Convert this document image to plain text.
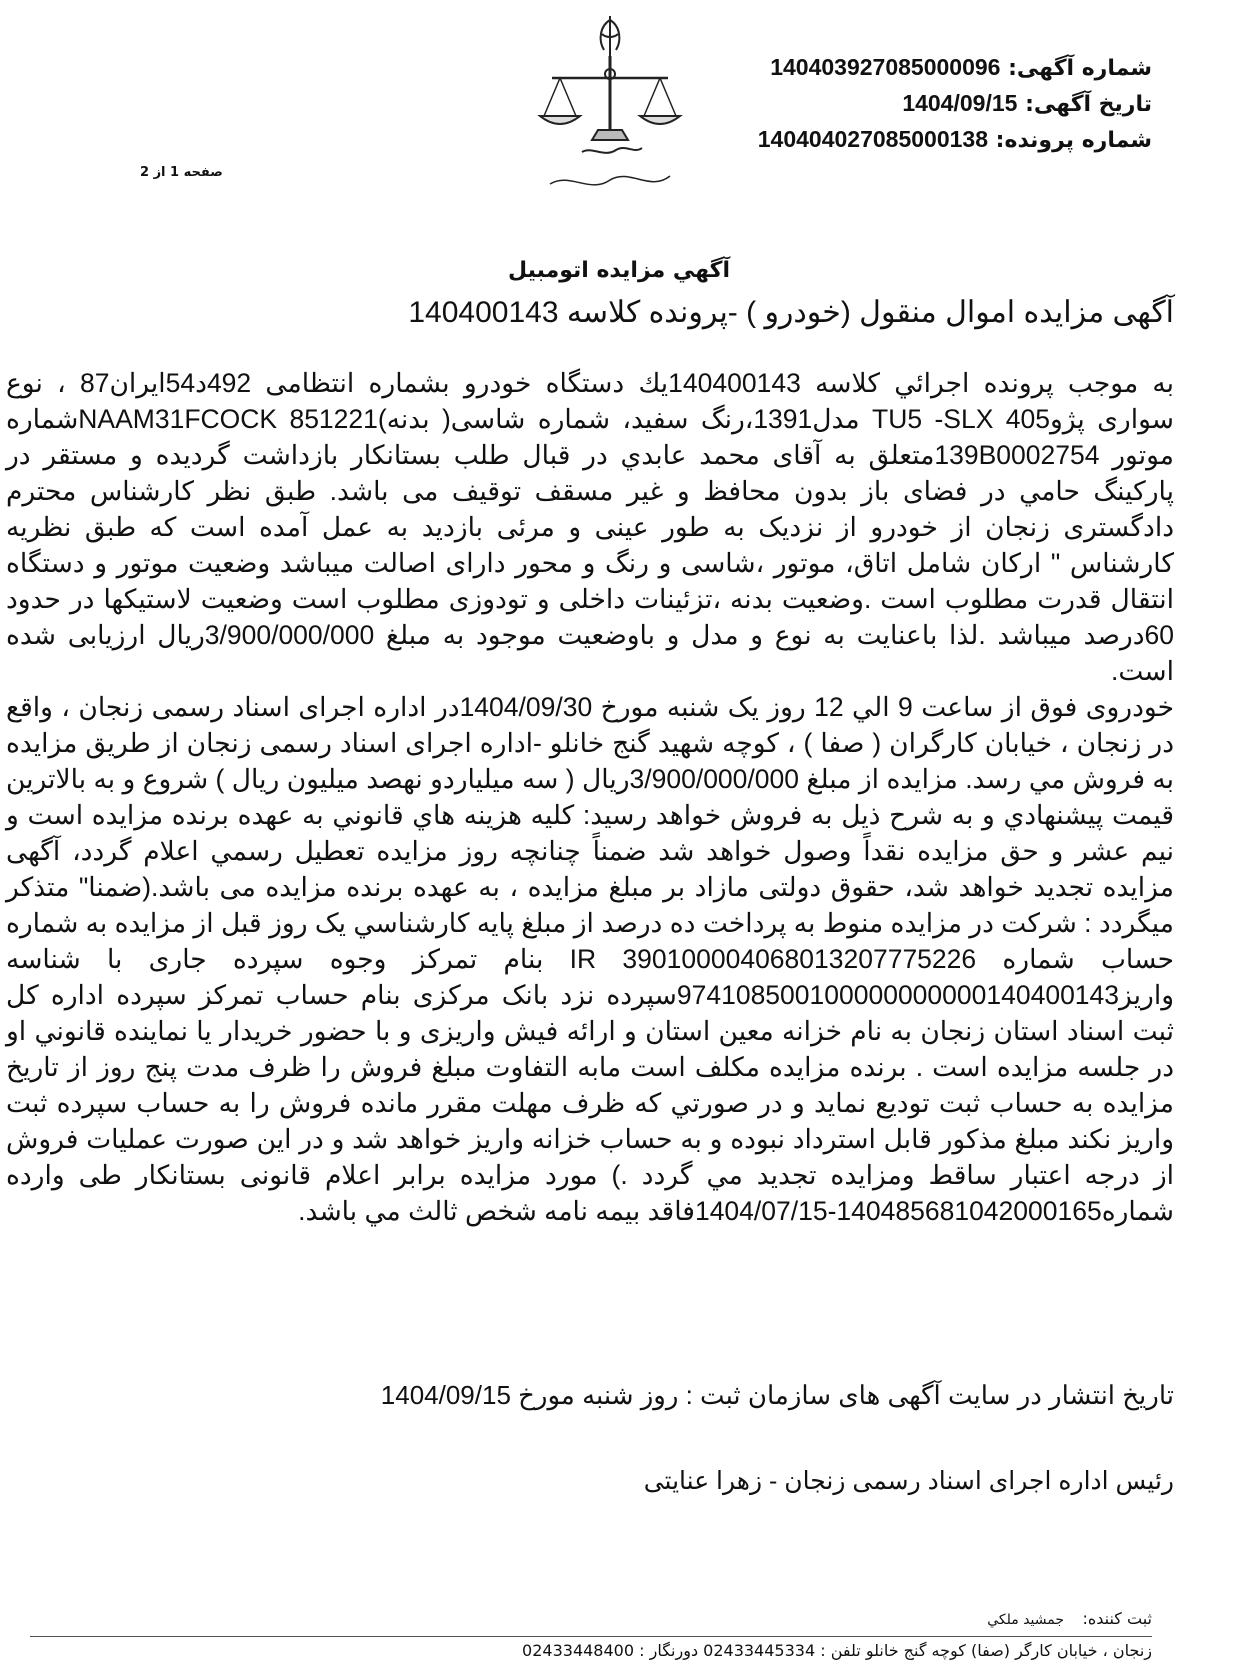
شماره آگهی: 140403927085000096
تاریخ آگهی: 1404/09/15
شماره پرونده: 140404027085000138
صفحه 1 از 2
آگهي مزايده اتومبيل
آگهی مزایده اموال منقول (خودرو ) -پرونده کلاسه 140400143

به موجب پرونده اجرائي کلاسه 140400143يك دستگاه خودرو بشماره انتظامی 492د54ایران87 ، نوع سواری پژو405 TU5 -SLX مدل1391،رنگ سفید، شماره شاسی( بدنه)NAAM31FCOCK 851221شماره موتور 139B0002754متعلق به آقای محمد عابدي در قبال طلب بستانکار بازداشت گردیده و مستقر در پارکینگ حامي در فضای باز بدون محافظ و غیر مسقف توقیف می باشد. طبق نظر کارشناس محترم دادگستری زنجان از خودرو از نزدیک به طور عینی و مرئی بازدید به عمل آمده است که طبق نظریه کارشناس " ارکان شامل اتاق، موتور ،شاسی و رنگ و محور دارای اصالت میباشد وضعیت موتور و دستگاه انتقال قدرت مطلوب است .وضعیت بدنه ،تزئینات داخلی و تودوزی مطلوب است وضعیت لاستیکها در حدود 60درصد میباشد .لذا باعنایت به نوع و مدل و باوضعیت موجود به مبلغ 3/900/000/000ریال ارزیابی شده است.

خودروی فوق از ساعت 9 الي 12 روز یک شنبه مورخ 1404/09/30در اداره اجرای اسناد رسمی زنجان ، واقع در زنجان ، خیابان کارگران ( صفا ) ، کوچه شهید گنج خانلو -اداره اجرای اسناد رسمی زنجان از طريق مزايده به فروش مي رسد. مزايده از مبلغ 3/900/000/000ریال ( سه میلیاردو نهصد میلیون ریال ) شروع و به بالاترين قيمت پيشنهادي و به شرح ذيل به فروش خواهد رسيد: کليه هزينه هاي قانوني به عهده برنده مزايده است و نيم عشر و حق مزايده نقداً وصول خواهد شد ضمناً چنانچه روز مزايده تعطيل رسمي اعلام گردد، آگهی مزايده تجديد خواهد شد، حقوق دولتی مازاد بر مبلغ مزایده ، به عهده برنده مزایده می باشد.(ضمنا" متذکر میگردد : شرکت در مزایده منوط به پرداخت ده درصد از مبلغ پایه کارشناسي یک روز قبل از مزایده به شماره حساب شماره IR 390100004068013207775226 بنام تمرکز وجوه سپرده جاری با شناسه واریز974108500100000000000140400143سپرده نزد بانک مرکزی بنام حساب تمرکز سپرده اداره کل ثبت اسناد استان زنجان به نام خزانه معین استان و ارائه فیش واریزی و با حضور خريدار يا نماينده قانوني او در جلسه مزايده است . برنده مزایده مکلف است مابه التفاوت مبلغ فروش را ظرف مدت پنج روز از تاريخ مزايده به حساب ثبت توديع نمايد و در صورتي که ظرف مهلت مقرر مانده فروش را به حساب سپرده ثبت واريز نکند مبلغ مذکور قابل استرداد نبوده و به حساب خزانه واريز خواهد شد و در اين صورت عمليات فروش از درجه اعتبار ساقط ومزايده تجديد مي گردد .) مورد مزايده برابر اعلام قانونی بستانکار طی وارده شماره140485681042000165-1404/07/15فاقد بیمه نامه شخص ثالث مي باشد.

تاریخ انتشار در سایت آگهی های سازمان ثبت : روز شنبه مورخ 1404/09/15
رئیس اداره اجرای اسناد رسمی زنجان - زهرا عنایتی
ثبت کننده: جمشید ملکي
زنجان ، خیابان کارگر (صفا) کوچه گنج خانلو تلفن : 02433445334 دورنگار : 02433448400
